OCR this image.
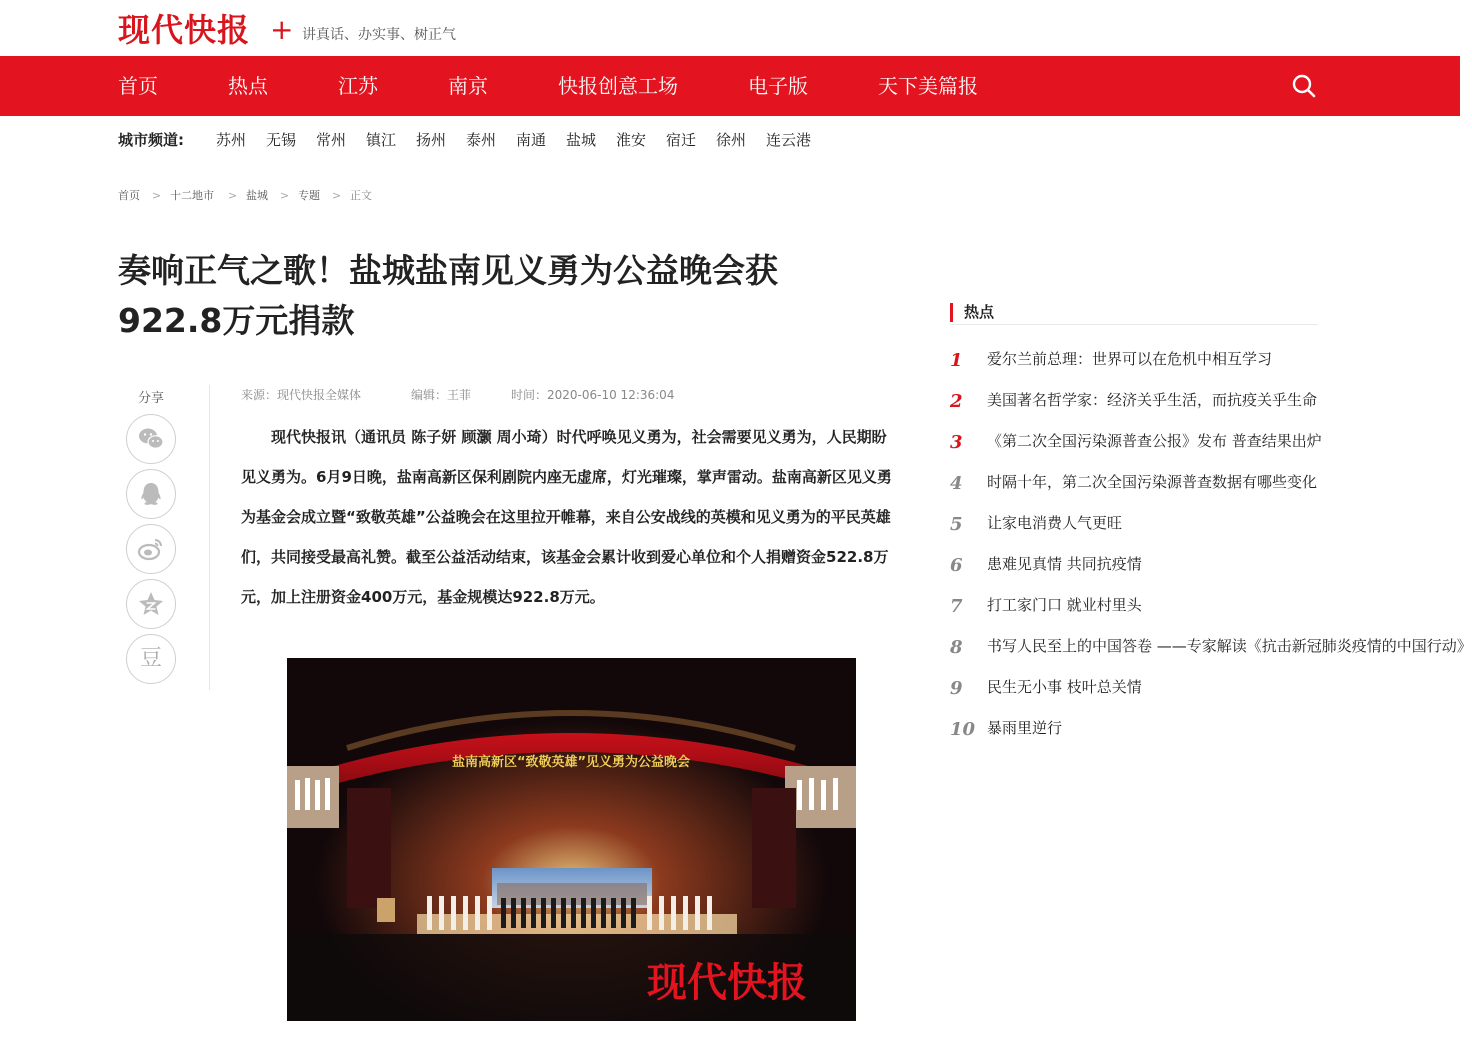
现代快报 + 讲真话、办实事、树正气
首页	热点	江苏	南京	快报创意工场	电子版	天下美篇报
城市频道: 苏州 无锡 常州 镇江 扬州 泰州 南通 盐城 淮安 宿迁 徐州 连云港
首页 > 十二地市 > 盐城 > 专题 > 正文
奏响正气之歌！盐城盐南见义勇为公益晚会获922.8万元捐款
分享
豆
来源：现代快报全媒体	编辑：王菲	时间：2020-06-10 12:36:04

现代快报讯（通讯员 陈子妍 顾灏 周小琦）时代呼唤见义勇为，社会需要见义勇为，人民期盼见义勇为。6月9日晚，盐南高新区保利剧院内座无虚席，灯光璀璨，掌声雷动。盐南高新区见义勇为基金会成立暨“致敬英雄”公益晚会在这里拉开帷幕，来自公安战线的英模和见义勇为的平民英雄们，共同接受最高礼赞。截至公益活动结束，该基金会累计收到爱心单位和个人捐赠资金522.8万元，加上注册资金400万元，基金规模达922.8万元。

盐南高新区“致敬英雄”见义勇为公益晚会
现代快报
热点
1	爱尔兰前总理：世界可以在危机中相互学习
2	美国著名哲学家：经济关乎生活，而抗疫关乎生命
3	《第二次全国污染源普查公报》发布 普查结果出炉
4	时隔十年，第二次全国污染源普查数据有哪些变化
5	让家电消费人气更旺
6	患难见真情 共同抗疫情
7	打工家门口 就业村里头
8	书写人民至上的中国答卷 ——专家解读《抗击新冠肺炎疫情的中国行动》
9	民生无小事 枝叶总关情
10 暴雨里逆行
